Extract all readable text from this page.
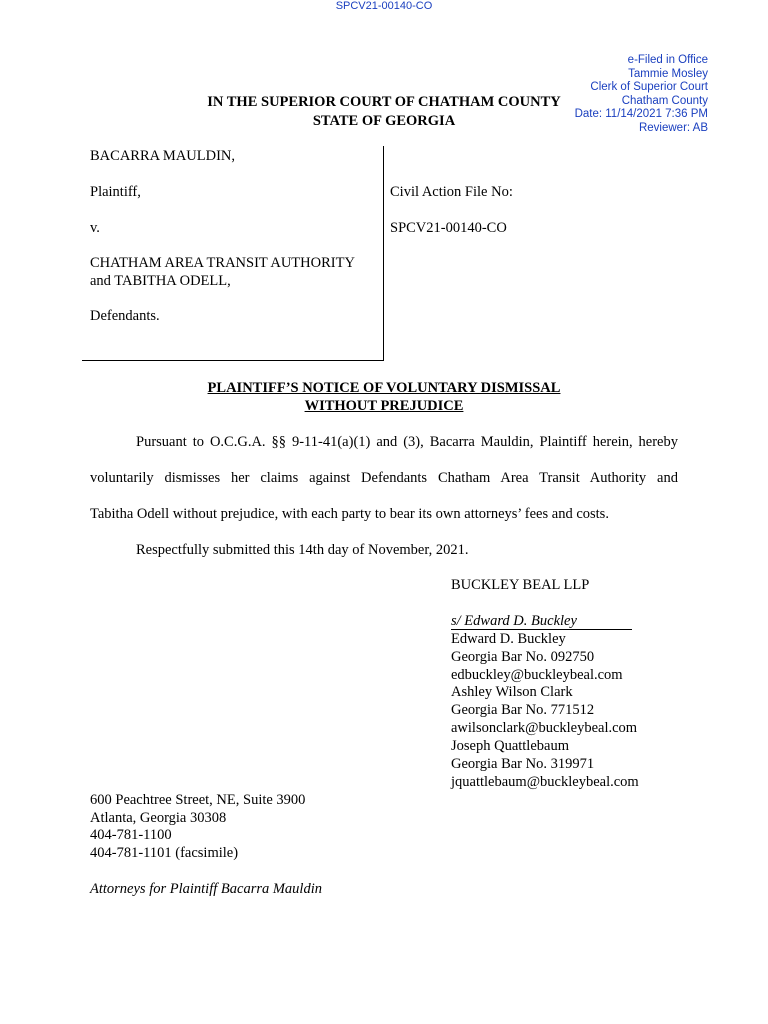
SPCV21-00140-CO
e-Filed in Office
Tammie Mosley
Clerk of Superior Court
Chatham County
Date: 11/14/2021 7:36 PM
Reviewer: AB
IN THE SUPERIOR COURT OF CHATHAM COUNTY
STATE OF GEORGIA
BACARRA MAULDIN,
Plaintiff,
v.
CHATHAM AREA TRANSIT AUTHORITY
and TABITHA ODELL,
Defendants.
Civil Action File No:
SPCV21-00140-CO
PLAINTIFF’S NOTICE OF VOLUNTARY DISMISSAL
WITHOUT PREJUDICE
Pursuant to O.C.G.A. §§ 9-11-41(a)(1) and (3), Bacarra Mauldin, Plaintiff herein, hereby
voluntarily dismisses her claims against Defendants Chatham Area Transit Authority and
Tabitha Odell without prejudice, with each party to bear its own attorneys’ fees and costs.
Respectfully submitted this 14th day of November, 2021.
BUCKLEY BEAL LLP
s/ Edward D. Buckley
Edward D. Buckley
Georgia Bar No. 092750
edbuckley@buckleybeal.com
Ashley Wilson Clark
Georgia Bar No. 771512
awilsonclark@buckleybeal.com
Joseph Quattlebaum
Georgia Bar No. 319971
jquattlebaum@buckleybeal.com
600 Peachtree Street, NE, Suite 3900
Atlanta, Georgia 30308
404-781-1100
404-781-1101 (facsimile)
Attorneys for Plaintiff Bacarra Mauldin
